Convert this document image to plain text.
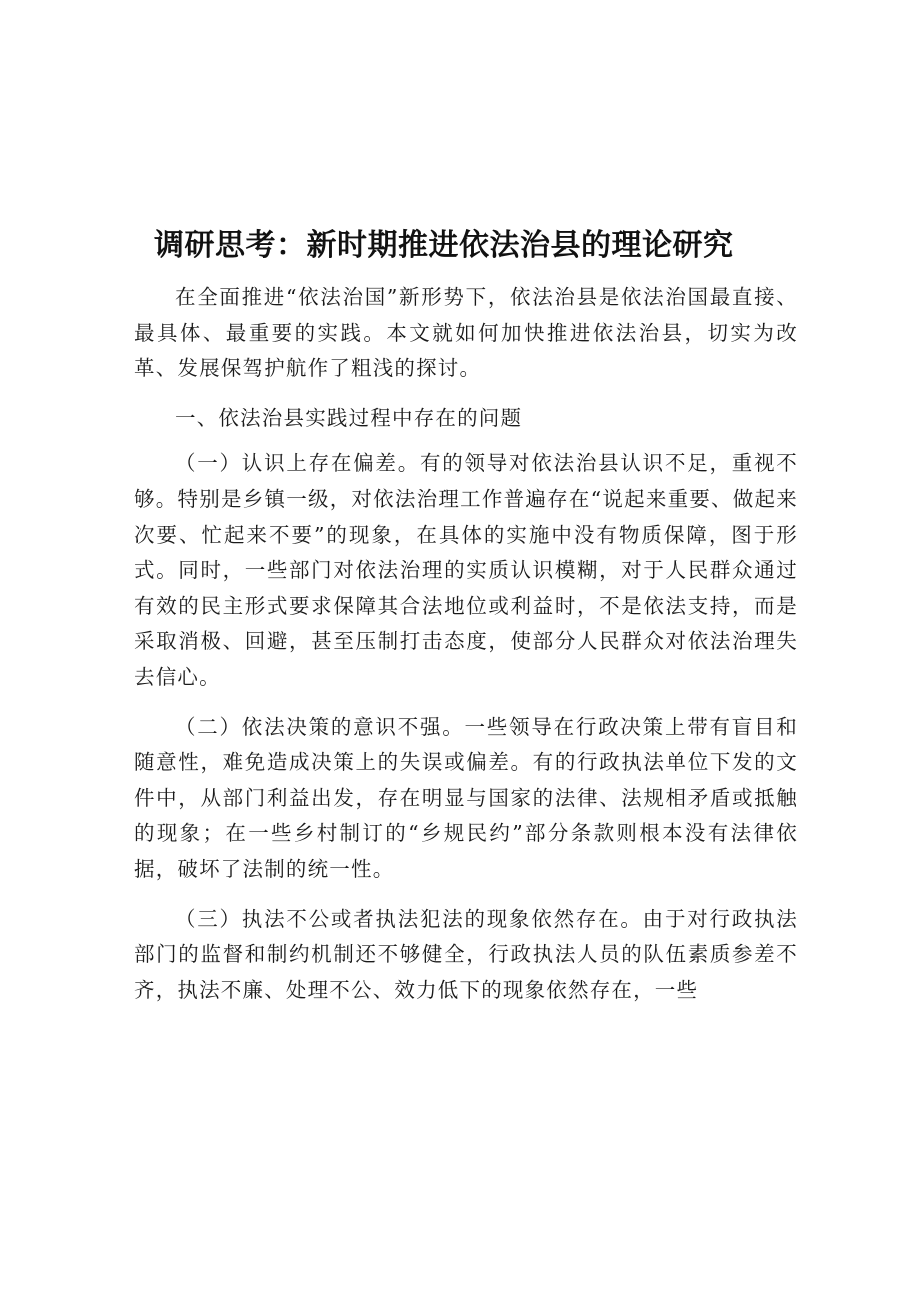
调研思考：新时期推进依法治县的理论研究

在全面推进“依法治国”新形势下，依法治县是依法治国最直接、最具体、最重要的实践。本文就如何加快推进依法治县，切实为改革、发展保驾护航作了粗浅的探讨。

一、依法治县实践过程中存在的问题

（一）认识上存在偏差。有的领导对依法治县认识不足，重视不够。特别是乡镇一级，对依法治理工作普遍存在“说起来重要、做起来次要、忙起来不要”的现象，在具体的实施中没有物质保障，图于形式。同时，一些部门对依法治理的实质认识模糊，对于人民群众通过有效的民主形式要求保障其合法地位或利益时，不是依法支持，而是采取消极、回避，甚至压制打击态度，使部分人民群众对依法治理失去信心。

（二）依法决策的意识不强。一些领导在行政决策上带有盲目和随意性，难免造成决策上的失误或偏差。有的行政执法单位下发的文件中，从部门利益出发，存在明显与国家的法律、法规相矛盾或抵触的现象；在一些乡村制订的“乡规民约”部分条款则根本没有法律依据，破坏了法制的统一性。

（三）执法不公或者执法犯法的现象依然存在。由于对行政执法部门的监督和制约机制还不够健全，行政执法人员的队伍素质参差不齐，执法不廉、处理不公、效力低下的现象依然存在，一些
